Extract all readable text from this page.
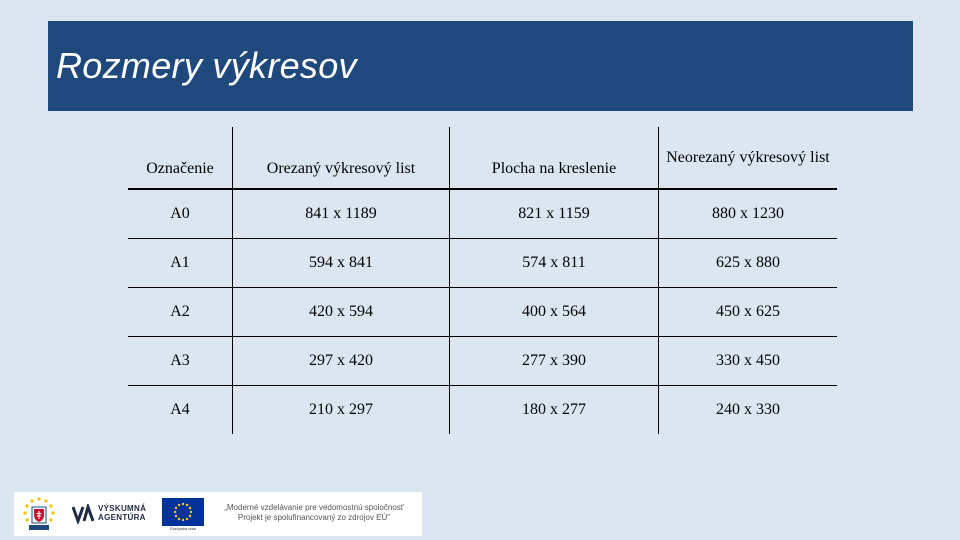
Rozmery výkresov
Označenie	Orezaný výkresový list	Plocha na kreslenie	Neorezaný výkresový list
A0	841 x 1189	821 x 1159	880 x 1230
A1	594 x 841	574 x 811	625 x 880
A2	420 x 594	400 x 564	450 x 625
A3	297 x 420	277 x 390	330 x 450
A4	210 x 297	180 x 277	240 x 330
VÝSKUMNÁ
AGENTÚRA
Európska únia
„Moderné vzdelávanie pre vedomostnú spoločnosť
Projekt je spolufinancovaný zo zdrojov EÚ"
